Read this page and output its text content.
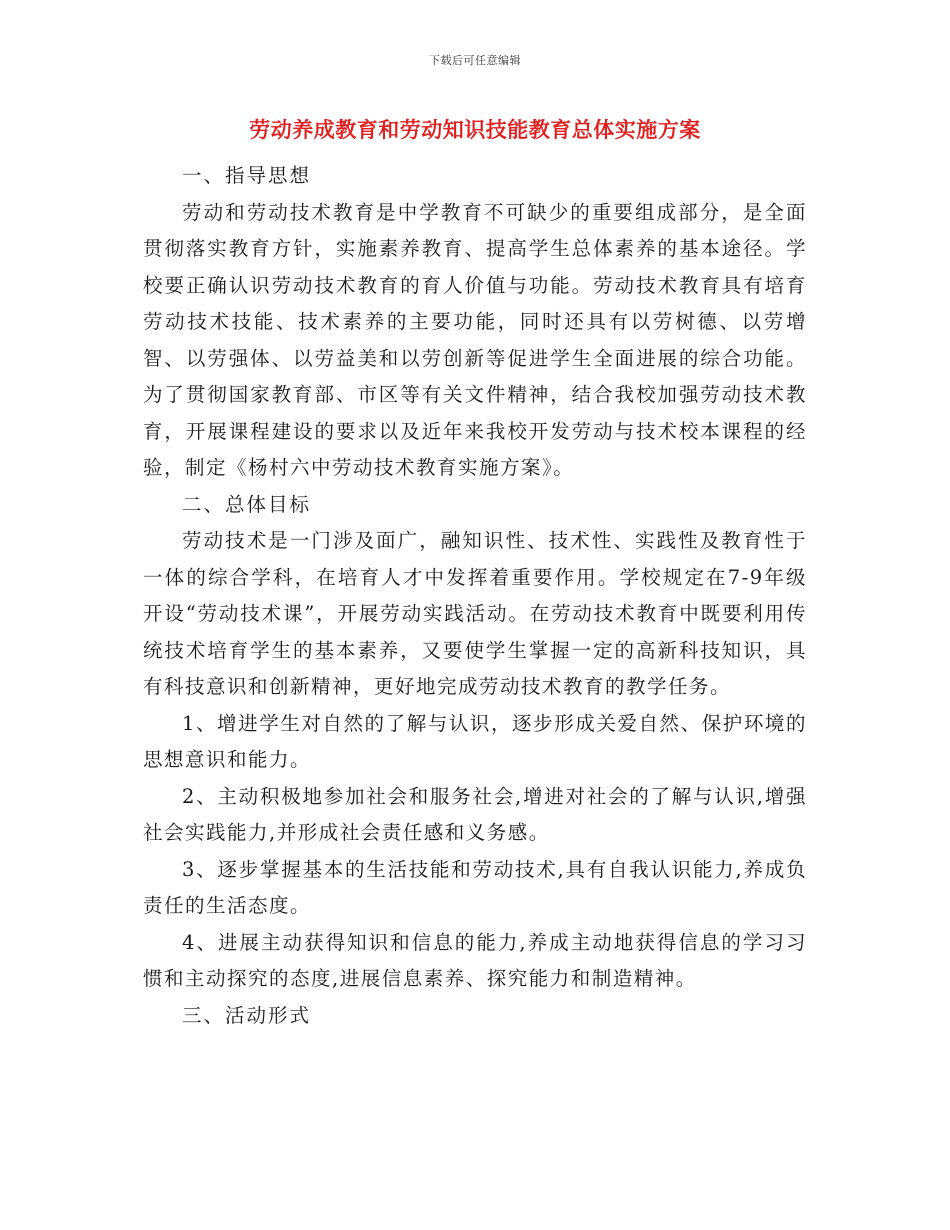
下载后可任意编辑
劳动养成教育和劳动知识技能教育总体实施方案

一、指导思想

劳动和劳动技术教育是中学教育不可缺少的重要组成部分，是全面贯彻落实教育方针，实施素养教育、提高学生总体素养的基本途径。学校要正确认识劳动技术教育的育人价值与功能。劳动技术教育具有培育劳动技术技能、技术素养的主要功能，同时还具有以劳树德、以劳增智、以劳强体、以劳益美和以劳创新等促进学生全面进展的综合功能。为了贯彻国家教育部、市区等有关文件精神，结合我校加强劳动技术教育，开展课程建设的要求以及近年来我校开发劳动与技术校本课程的经验，制定《杨村六中劳动技术教育实施方案》。

二、总体目标

劳动技术是一门涉及面广，融知识性、技术性、实践性及教育性于一体的综合学科，在培育人才中发挥着重要作用。学校规定在7-9年级开设“劳动技术课”，开展劳动实践活动。在劳动技术教育中既要利用传统技术培育学生的基本素养，又要使学生掌握一定的高新科技知识，具有科技意识和创新精神，更好地完成劳动技术教育的教学任务。

1、增进学生对自然的了解与认识，逐步形成关爱自然、保护环境的思想意识和能力。

2、主动积极地参加社会和服务社会,增进对社会的了解与认识,增强社会实践能力,并形成社会责任感和义务感。

3、逐步掌握基本的生活技能和劳动技术,具有自我认识能力,养成负责任的生活态度。

4、进展主动获得知识和信息的能力,养成主动地获得信息的学习习惯和主动探究的态度,进展信息素养、探究能力和制造精神。

三、活动形式
